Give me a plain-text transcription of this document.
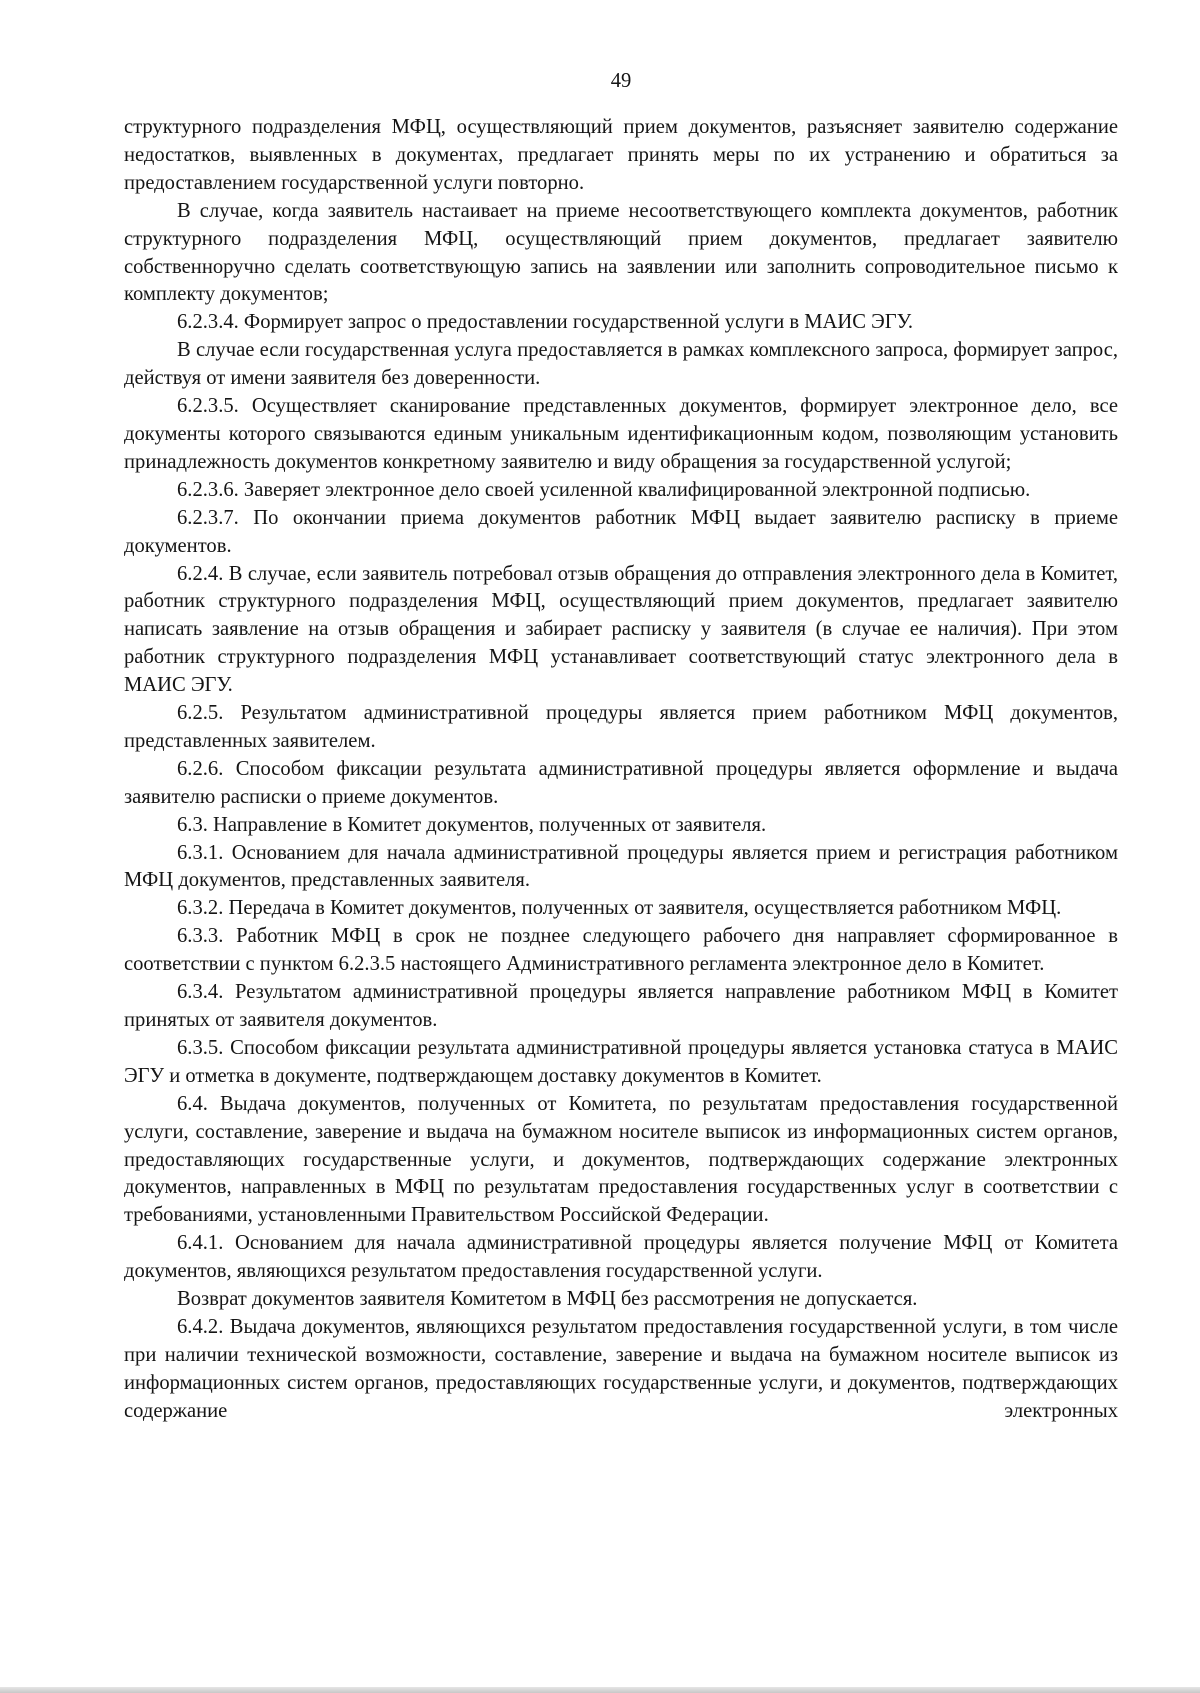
49

структурного подразделения МФЦ, осуществляющий прием документов, разъясняет заявителю содержание недостатков, выявленных в документах, предлагает принять меры по их устранению и обратиться за предоставлением государственной услуги повторно.

В случае, когда заявитель настаивает на приеме несоответствующего комплекта документов, работник структурного подразделения МФЦ, осуществляющий прием документов, предлагает заявителю собственноручно сделать соответствующую запись на заявлении или заполнить сопроводительное письмо к комплекту документов;

6.2.3.4. Формирует запрос о предоставлении государственной услуги в МАИС ЭГУ.

В случае если государственная услуга предоставляется в рамках комплексного запроса, формирует запрос, действуя от имени заявителя без доверенности.

6.2.3.5. Осуществляет сканирование представленных документов, формирует электронное дело, все документы которого связываются единым уникальным идентификационным кодом, позволяющим установить принадлежность документов конкретному заявителю и виду обращения за государственной услугой;

6.2.3.6. Заверяет электронное дело своей усиленной квалифицированной электронной подписью.

6.2.3.7. По окончании приема документов работник МФЦ выдает заявителю расписку в приеме документов.

6.2.4. В случае, если заявитель потребовал отзыв обращения до отправления электронного дела в Комитет, работник структурного подразделения МФЦ, осуществляющий прием документов, предлагает заявителю написать заявление на отзыв обращения и забирает расписку у заявителя (в случае ее наличия). При этом работник структурного подразделения МФЦ устанавливает соответствующий статус электронного дела в МАИС ЭГУ.

6.2.5. Результатом административной процедуры является прием работником МФЦ документов, представленных заявителем.

6.2.6. Способом фиксации результата административной процедуры является оформление и выдача заявителю расписки о приеме документов.

6.3. Направление в Комитет документов, полученных от заявителя.

6.3.1. Основанием для начала административной процедуры является прием и регистрация работником МФЦ документов, представленных заявителя.

6.3.2. Передача в Комитет документов, полученных от заявителя, осуществляется работником МФЦ.

6.3.3. Работник МФЦ в срок не позднее следующего рабочего дня направляет сформированное в соответствии с пунктом 6.2.3.5 настоящего Административного регламента электронное дело в Комитет.

6.3.4. Результатом административной процедуры является направление работником МФЦ в Комитет принятых от заявителя документов.

6.3.5. Способом фиксации результата административной процедуры является установка статуса в МАИС ЭГУ и отметка в документе, подтверждающем доставку документов в Комитет.

6.4. Выдача документов, полученных от Комитета, по результатам предоставления государственной услуги, составление, заверение и выдача на бумажном носителе выписок из информационных систем органов, предоставляющих государственные услуги, и документов, подтверждающих содержание электронных документов, направленных в МФЦ по результатам предоставления государственных услуг в соответствии с требованиями, установленными Правительством Российской Федерации.

6.4.1. Основанием для начала административной процедуры является получение МФЦ от Комитета документов, являющихся результатом предоставления государственной услуги.

Возврат документов заявителя Комитетом в МФЦ без рассмотрения не допускается.

6.4.2. Выдача документов, являющихся результатом предоставления государственной услуги, в том числе при наличии технической возможности, составление, заверение и выдача на бумажном носителе выписок из информационных систем органов, предоставляющих государственные услуги, и документов, подтверждающих содержание электронных
